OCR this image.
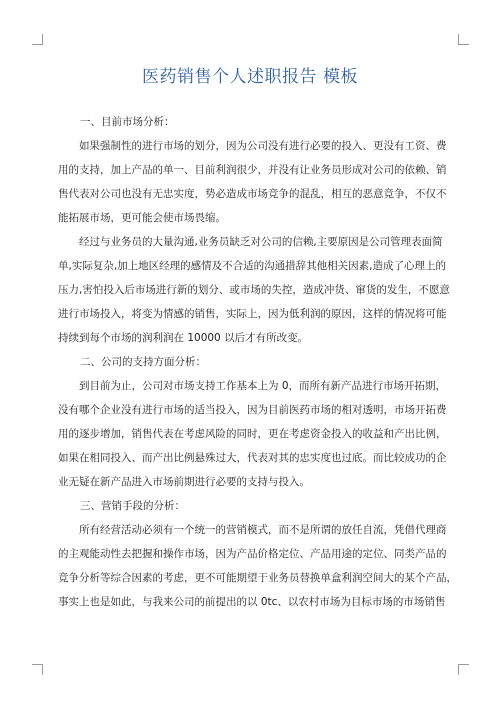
医药销售个人述职报告 模板

一、目前市场分析：

如果强制性的进行市场的划分，因为公司没有进行必要的投入、更没有工资、费
用的支持，加上产品的单一、目前利润很少，并没有让业务员形成对公司的依赖、销
售代表对公司也没有无忠实度，势必造成市场竞争的混乱，相互的恶意竞争，不仅不
能拓展市场，更可能会使市场畏缩。

经过与业务员的大量沟通,业务员缺乏对公司的信赖,主要原因是公司管理表面简
单,实际复杂,加上地区经理的感情及不合适的沟通措辞其他相关因素,造成了心理上的
压力,害怕投入后市场进行新的划分、或市场的失控，造成冲货、窜货的发生，不愿意
进行市场投入，将变为情感的销售，实际上，因为低利润的原因，这样的情况将可能
持续到每个市场的润利润在 10000 以后才有所改变。

二、公司的支持方面分析：

到目前为止，公司对市场支持工作基本上为 0，而所有新产品进行市场开拓期，
没有哪个企业没有进行市场的适当投入，因为目前医药市场的相对透明，市场开拓费
用的逐步增加，销售代表在考虑风险的同时，更在考虑资金投入的收益和产出比例，
如果在相同投入、而产出比例悬殊过大，代表对其的忠实度也过底。而比较成功的企
业无疑在新产品进入市场前期进行必要的支持与投入。

三、营销手段的分析：

所有经营活动必须有一个统一的营销模式，而不是所谓的放任自流，凭借代理商
的主观能动性去把握和操作市场，因为产品价格定位、产品用途的定位、同类产品的
竞争分析等综合因素的考虑，更不可能期望于业务员替换单盒利润空间大的某个产品，
事实上也是如此，与我来公司的前提出的以 0tc、以农村市场为目标市场的市场销售
